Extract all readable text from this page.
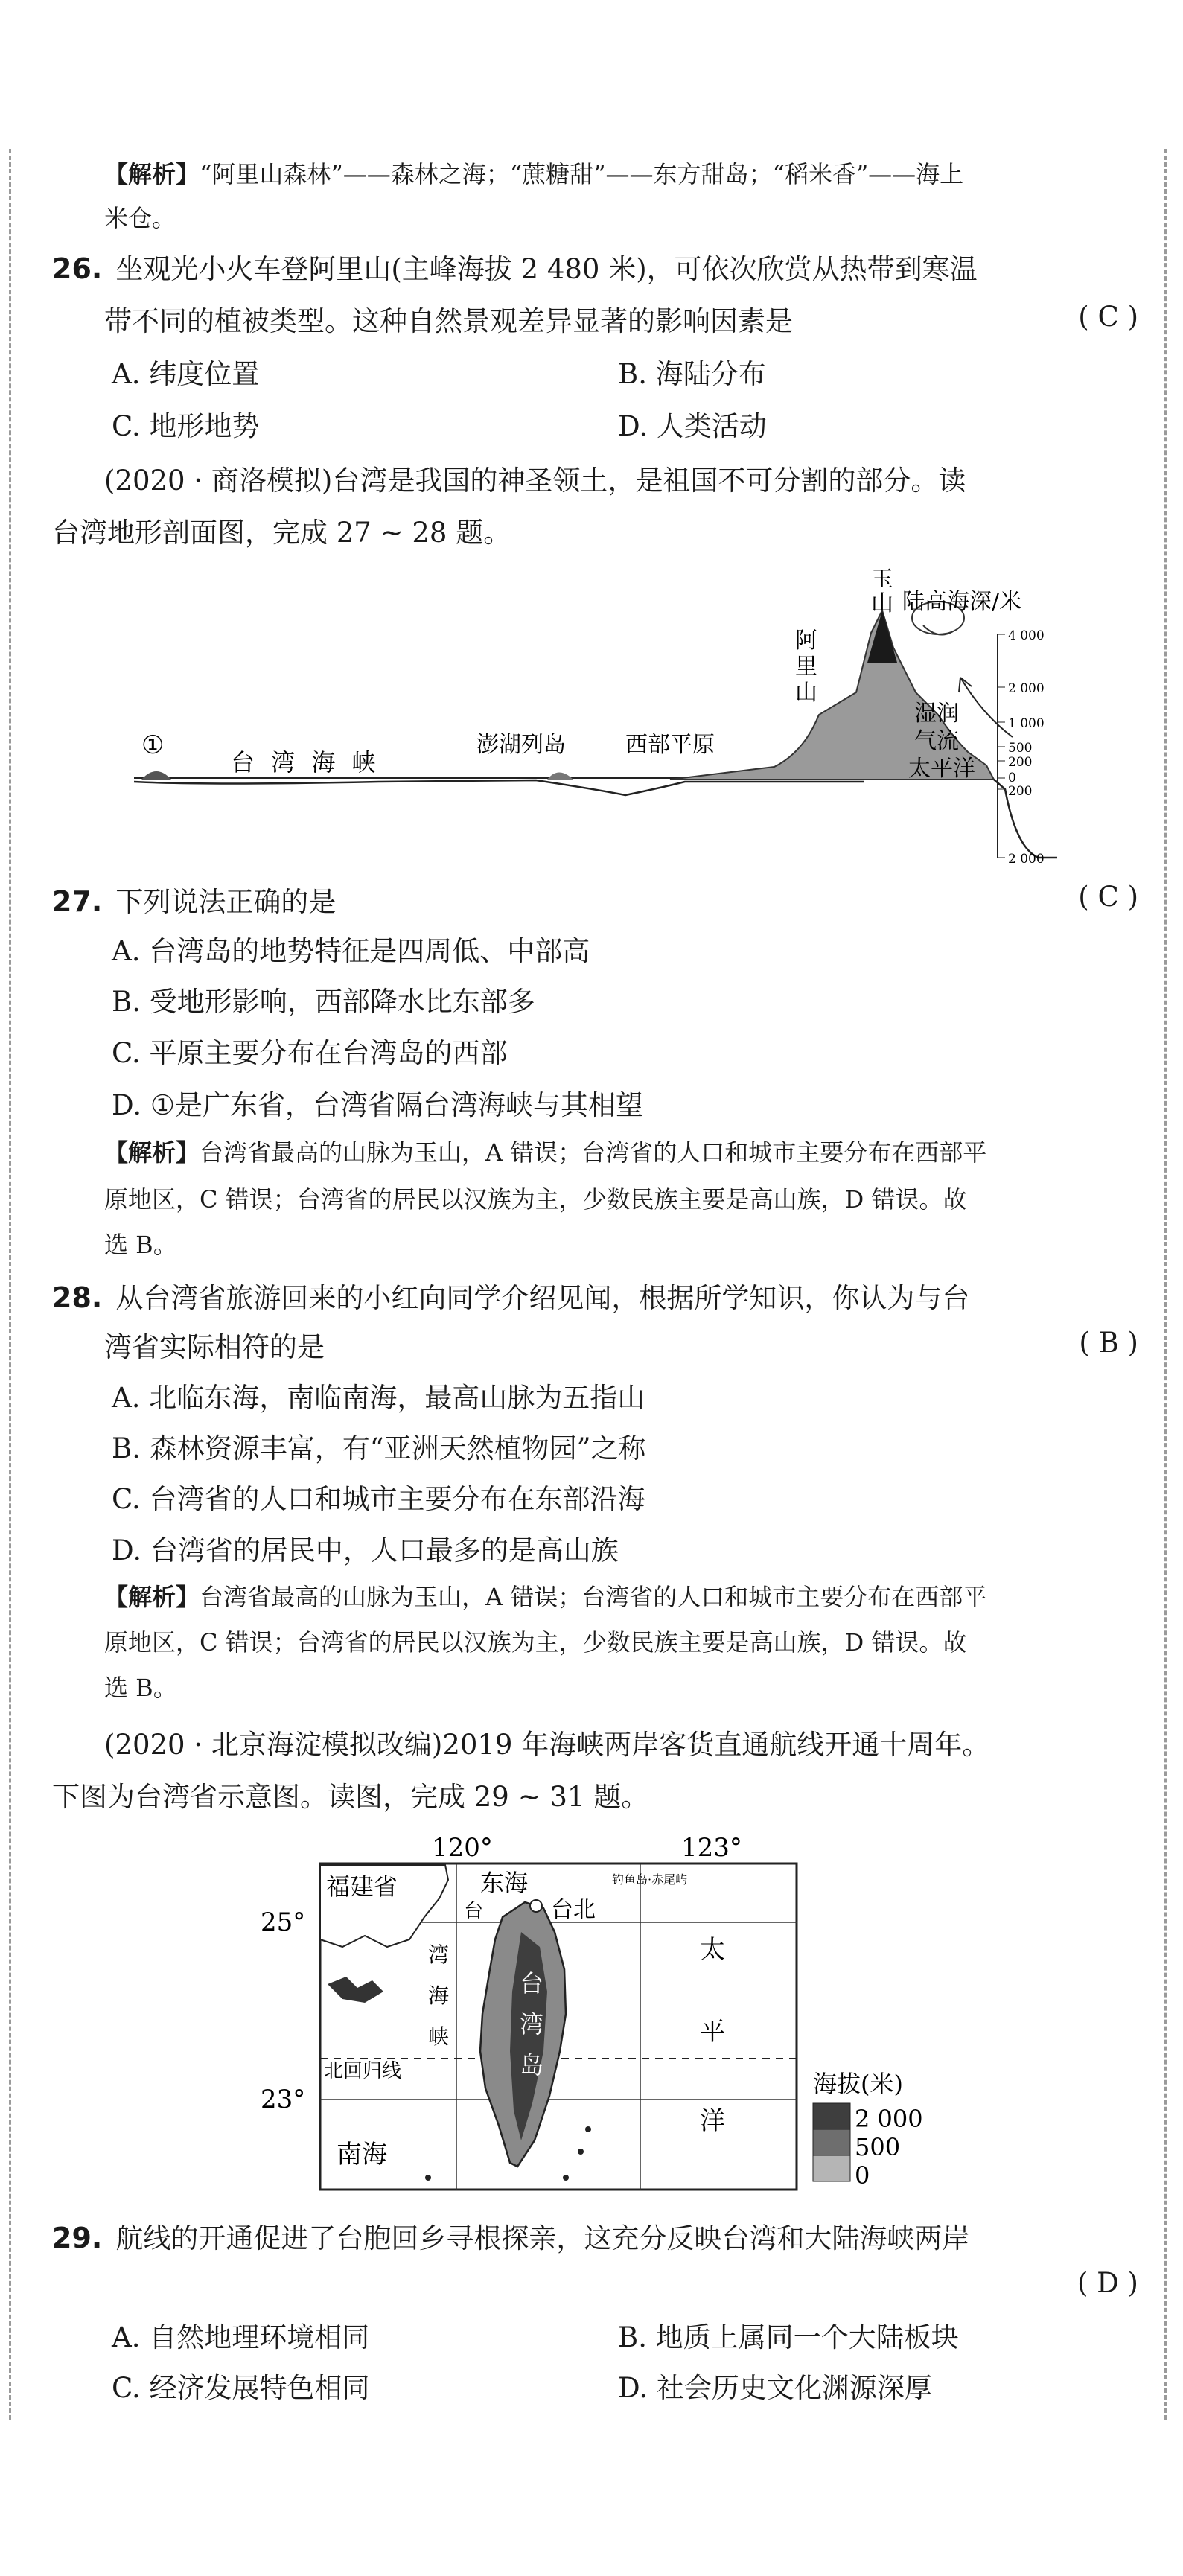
【解析】“阿里山森林”——森林之海；“蔗糖甜”——东方甜岛；“稻米香”——海上
米仓。
26. 坐观光小火车登阿里山(主峰海拔 2 480 米)，可依次欣赏从热带到寒温
带不同的植被类型。这种自然景观差异显著的影响因素是	( C )
A. 纬度位置	B. 海陆分布
C. 地形地势	D. 人类活动
(2020 · 商洛模拟)台湾是我国的神圣领土，是祖国不可分割的部分。读
台湾地形剖面图，完成 27 ~ 28 题。
4 000
2 000
1 000
500
200
0
200
2 000
陆高海深/米
①
台 湾 海 峡
澎湖列岛	西部平原
阿
里
山
玉
山
湿润
气流
太平洋
27. 下列说法正确的是	( C )
A. 台湾岛的地势特征是四周低、中部高
B. 受地形影响，西部降水比东部多
C. 平原主要分布在台湾岛的西部
D. ①是广东省，台湾省隔台湾海峡与其相望
【解析】台湾省最高的山脉为玉山，A 错误；台湾省的人口和城市主要分布在西部平
原地区，C 错误；台湾省的居民以汉族为主，少数民族主要是高山族，D 错误。故
选 B。
28. 从台湾省旅游回来的小红向同学介绍见闻，根据所学知识，你认为与台
湾省实际相符的是	( B )
A. 北临东海，南临南海，最高山脉为五指山
B. 森林资源丰富，有“亚洲天然植物园”之称
C. 台湾省的人口和城市主要分布在东部沿海
D. 台湾省的居民中，人口最多的是高山族
【解析】台湾省最高的山脉为玉山，A 错误；台湾省的人口和城市主要分布在西部平
原地区，C 错误；台湾省的居民以汉族为主，少数民族主要是高山族，D 错误。故
选 B。
(2020 · 北京海淀模拟改编)2019 年海峡两岸客货直通航线开通十周年。
下图为台湾省示意图。读图，完成 29 ~ 31 题。
120°	123°
25°
23°
福建省	东海	钓鱼岛·赤尾屿
台北
台
湾
海
峡
北回归线
台
湾
岛
太
平
洋
南海
海拔(米)
2 000
500
0
29. 航线的开通促进了台胞回乡寻根探亲，这充分反映台湾和大陆海峡两岸
( D )
A. 自然地理环境相同	B. 地质上属同一个大陆板块
C. 经济发展特色相同	D. 社会历史文化渊源深厚
